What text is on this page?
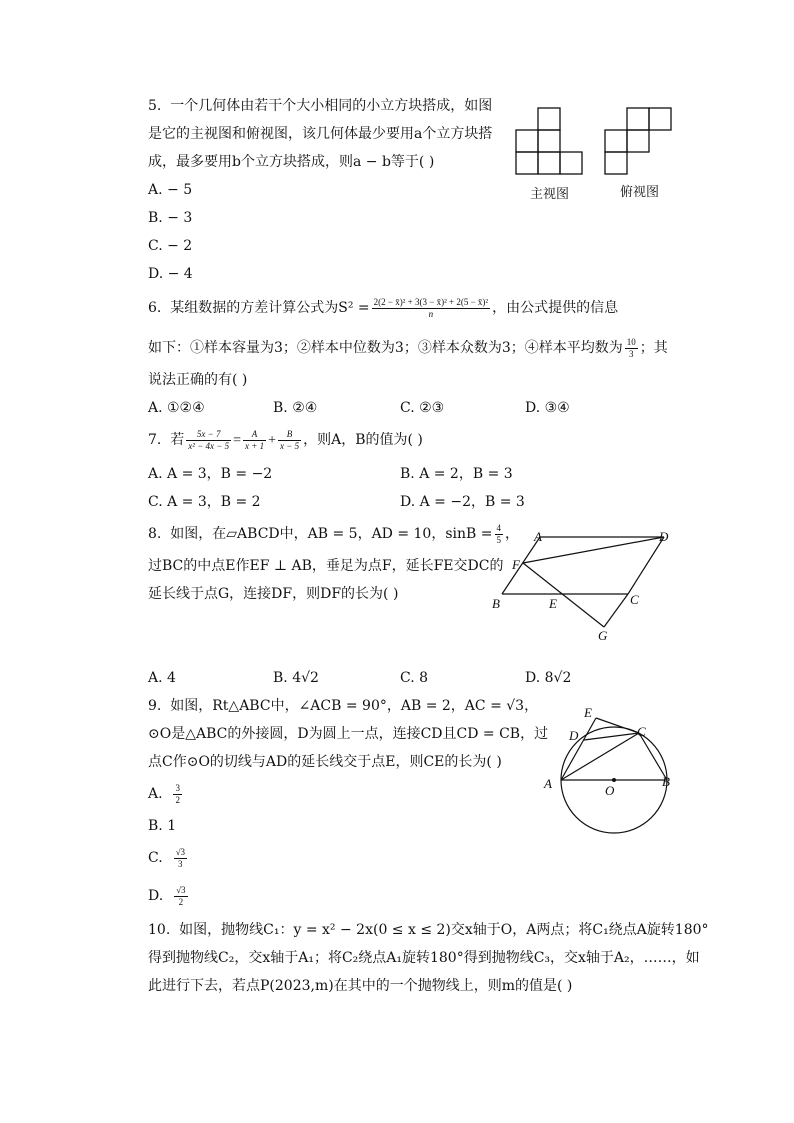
5. 一个几何体由若干个大小相同的小立方块搭成，如图
是它的主视图和俯视图，该几何体最少要用a个立方块搭
成，最多要用b个立方块搭成，则a − b等于( )
A. − 5
B. − 3
C. − 2
D. − 4
主视图	俯视图
6. 某组数据的方差计算公式为$S^2 = \frac{\text{2(2 − x̄)² + 3(3 − x̄)² + 2(5 − x̄)²}}{n}$ ，由公式提供的信息
如下：①样本容量为3；②样本中位数为3；③样本众数为3；④样本平均数为 $\frac{10}{3}$ ；其
说法正确的有( )
A. ①②④	B. ②④	C. ②③	D. ③④
7. 若 $\frac{5x - 7}{\text{x² − 4x − 5}} = \frac{A}{x + 1} + \frac{B}{x - 5}$ ，则A，B的值为( )
A. A = 3，B = −2	B. A = 2，B = 3
C. A = 3，B = 2	D. A = −2，B = 3
8. 如图，在▱ABCD中，AB = 5，AD = 10，$\sin B = \frac{4}{5}$ ，
过BC的中点E作EF ⊥ AB，垂足为点F，延长FE交DC的
延长线于点G，连接DF，则DF的长为( )
A	D
F
B	E	C
G
A. 4	B. 4√2	C. 8	D. 8√2
9. 如图，Rt△ABC中，∠ACB = 90°，AB = 2，AC = √3，
⊙O是△ABC的外接圆，D为圆上一点，连接CD且CD = CB，过
点C作⊙O的切线与AD的延长线交于点E，则CE的长为( )
E
D	C
A	O
B
A. $\frac{3}{2}$
B. 1
C. $\frac{√3}{3}$
D. $\frac{√3}{2}$
10. 如图，抛物线C₁：y = x² − 2x(0 ≤ x ≤ 2)交x轴于O，A两点；将C₁绕点A旋转180°
得到抛物线C₂，交x轴于A₁；将C₂绕点A₁旋转180°得到抛物线C₃，交x轴于A₂，……，如
此进行下去，若点P(2023,m)在其中的一个抛物线上，则m的值是( )
